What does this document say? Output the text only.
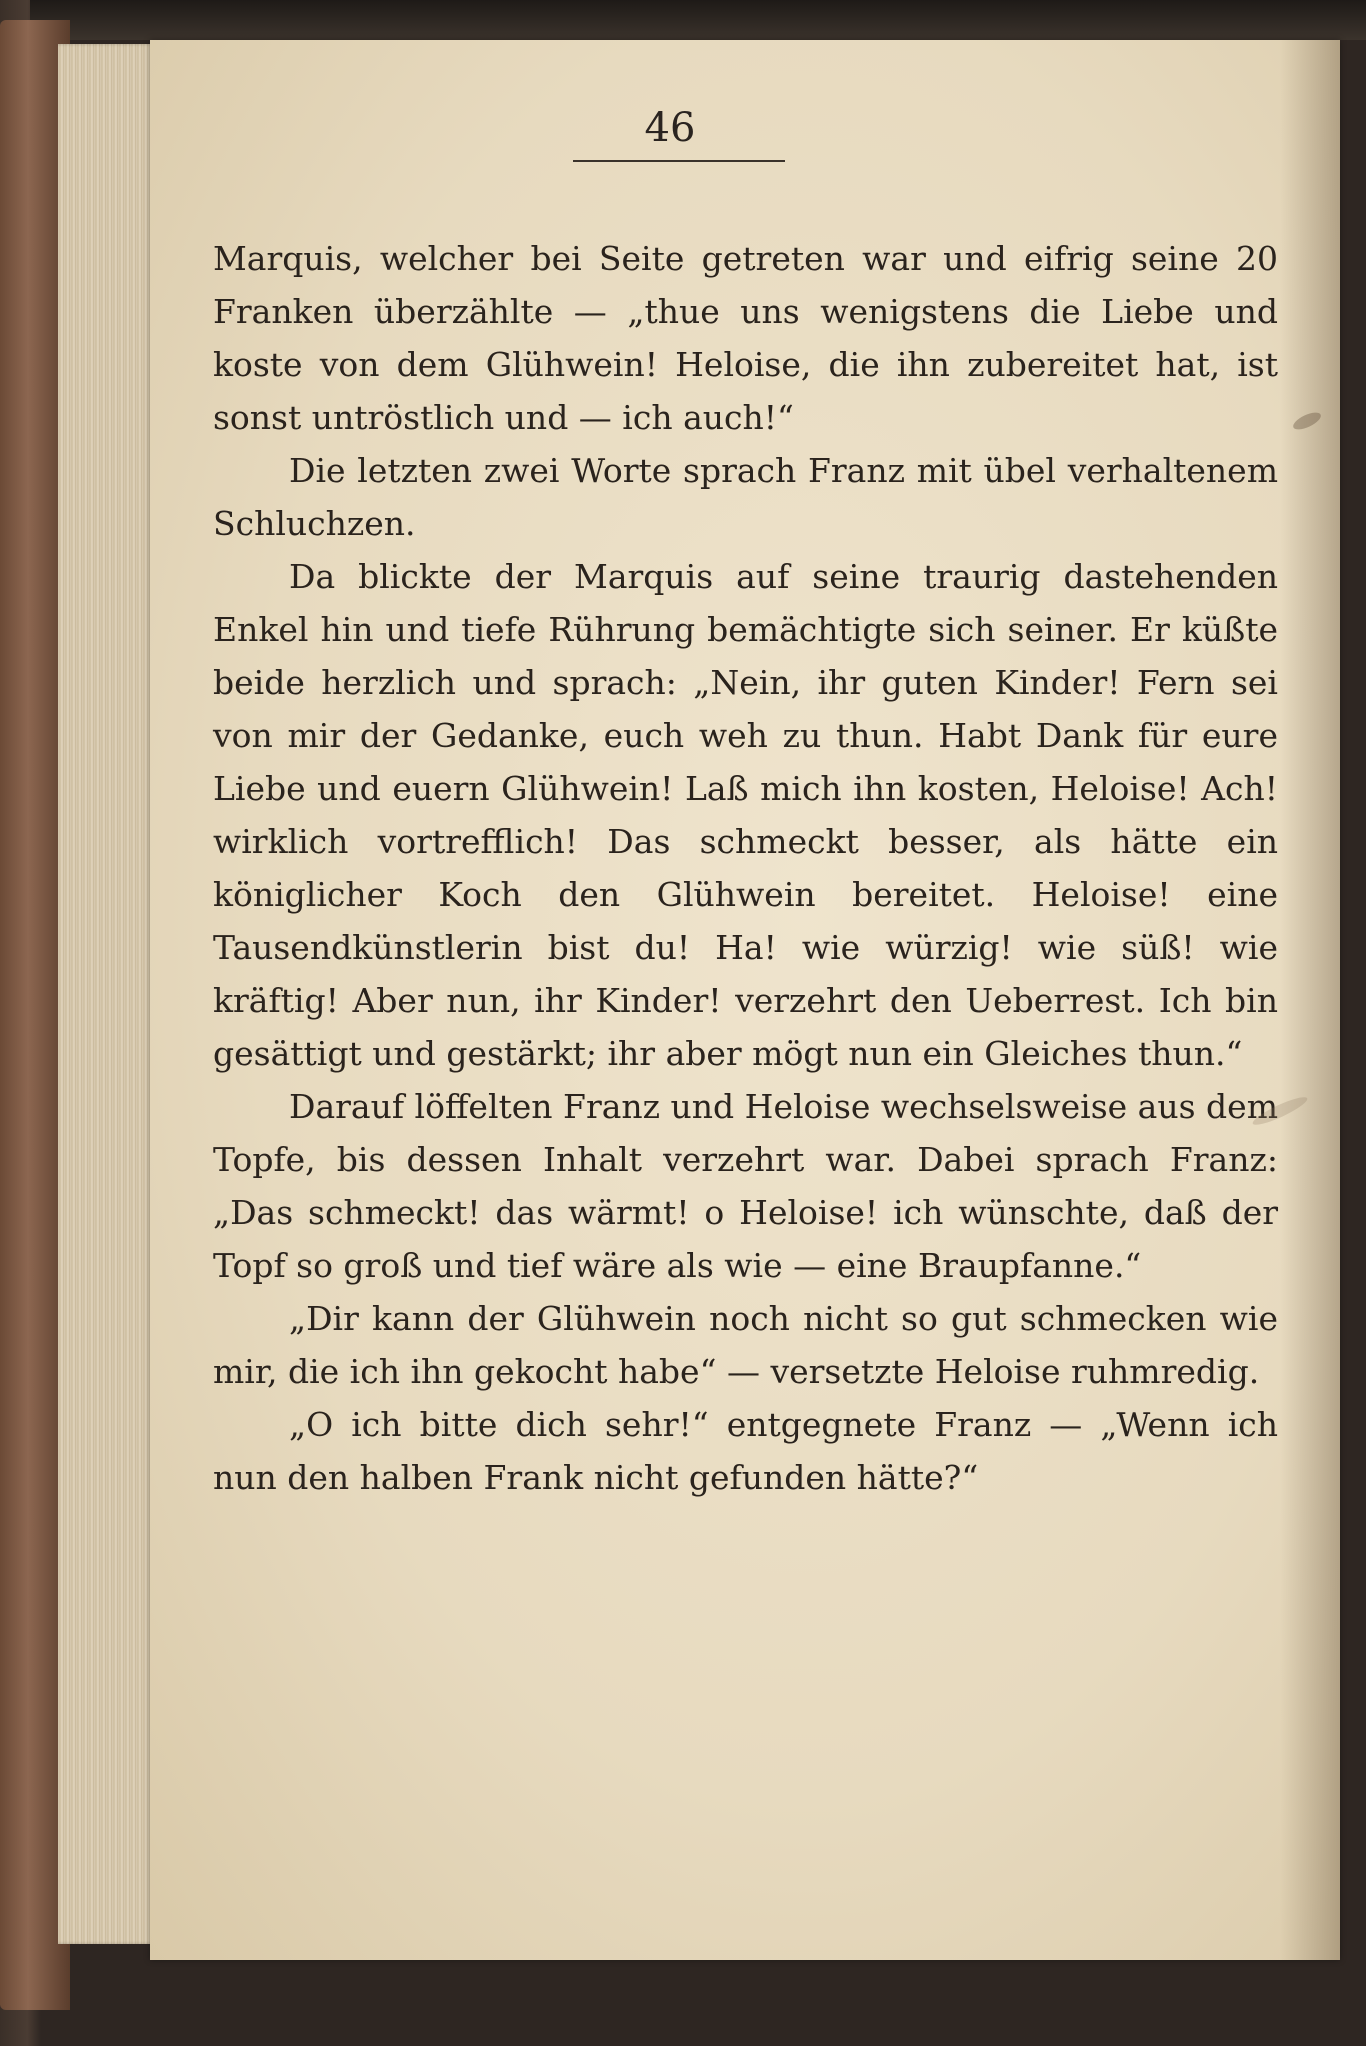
46

Marquis, welcher bei Seite getreten war und eifrig seine 20 Franken überzählte — „thue uns wenigstens die Liebe und koste von dem Glühwein! Heloise, die ihn zubereitet hat, ist sonst untröstlich und — ich auch!“

Die letzten zwei Worte sprach Franz mit übel verhaltenem Schluchzen.

Da blickte der Marquis auf seine traurig dastehenden Enkel hin und tiefe Rührung bemächtigte sich seiner. Er küßte beide herzlich und sprach: „Nein, ihr guten Kinder! Fern sei von mir der Gedanke, euch weh zu thun. Habt Dank für eure Liebe und euern Glühwein! Laß mich ihn kosten, Heloise! Ach! wirklich vortrefflich! Das schmeckt besser, als hätte ein königlicher Koch den Glühwein bereitet. Heloise! eine Tausendkünstlerin bist du! Ha! wie würzig! wie süß! wie kräftig! Aber nun, ihr Kinder! verzehrt den Ueberrest. Ich bin gesättigt und gestärkt; ihr aber mögt nun ein Gleiches thun.“

Darauf löffelten Franz und Heloise wechselsweise aus dem Topfe, bis dessen Inhalt verzehrt war. Dabei sprach Franz: „Das schmeckt! das wärmt! o Heloise! ich wünschte, daß der Topf so groß und tief wäre als wie — eine Braupfanne.“

„Dir kann der Glühwein noch nicht so gut schmecken wie mir, die ich ihn gekocht habe“ — versetzte Heloise ruhmredig.

„O ich bitte dich sehr!“ entgegnete Franz — „Wenn ich nun den halben Frank nicht gefunden hätte?“
